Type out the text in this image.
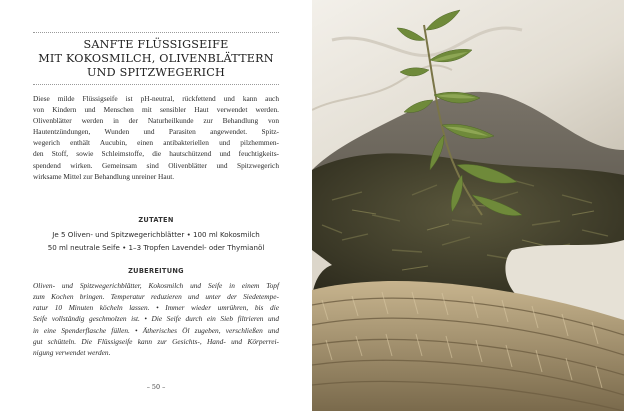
SANFTE FLÜSSIGSEIFE
MIT KOKOSMILCH, OLIVENBLÄTTERN
UND SPITZWEGERICH
Diese milde Flüssigseife ist pH-neutral, rückfettend und kann auch
von Kindern und Menschen mit sensibler Haut verwendet werden.
Olivenblätter werden in der Naturheilkunde zur Behandlung von
Hautentzündungen, Wunden und Parasiten angewendet. Spitz-
wegerich enthält Aucubin, einen antibakteriellen und pilzhemmen-
den Stoff, sowie Schleimstoffe, die hautschützend und feuchtigkeits-
spendend wirken. Gemeinsam sind Olivenblätter und Spitzwegerich
wirksame Mittel zur Behandlung unreiner Haut.
ZUTATEN
Je 5 Oliven- und Spitzwegerichblätter • 100 ml Kokosmilch
50 ml neutrale Seife • 1–3 Tropfen Lavendel- oder Thymianöl
ZUBEREITUNG
Oliven- und Spitzwegerichblätter, Kokosmilch und Seife in einem Topf
zum Kochen bringen. Temperatur reduzieren und unter der Siedetempe-
ratur 10 Minuten köcheln lassen. • Immer wieder umrühren, bis die
Seife vollständig geschmolzen ist. • Die Seife durch ein Sieb filtrieren und
in eine Spenderflasche füllen. • Ätherisches Öl zugeben, verschließen und
gut schütteln. Die Flüssigseife kann zur Gesichts-, Hand- und Körperrei-
nigung verwendet werden.
– 50 –
